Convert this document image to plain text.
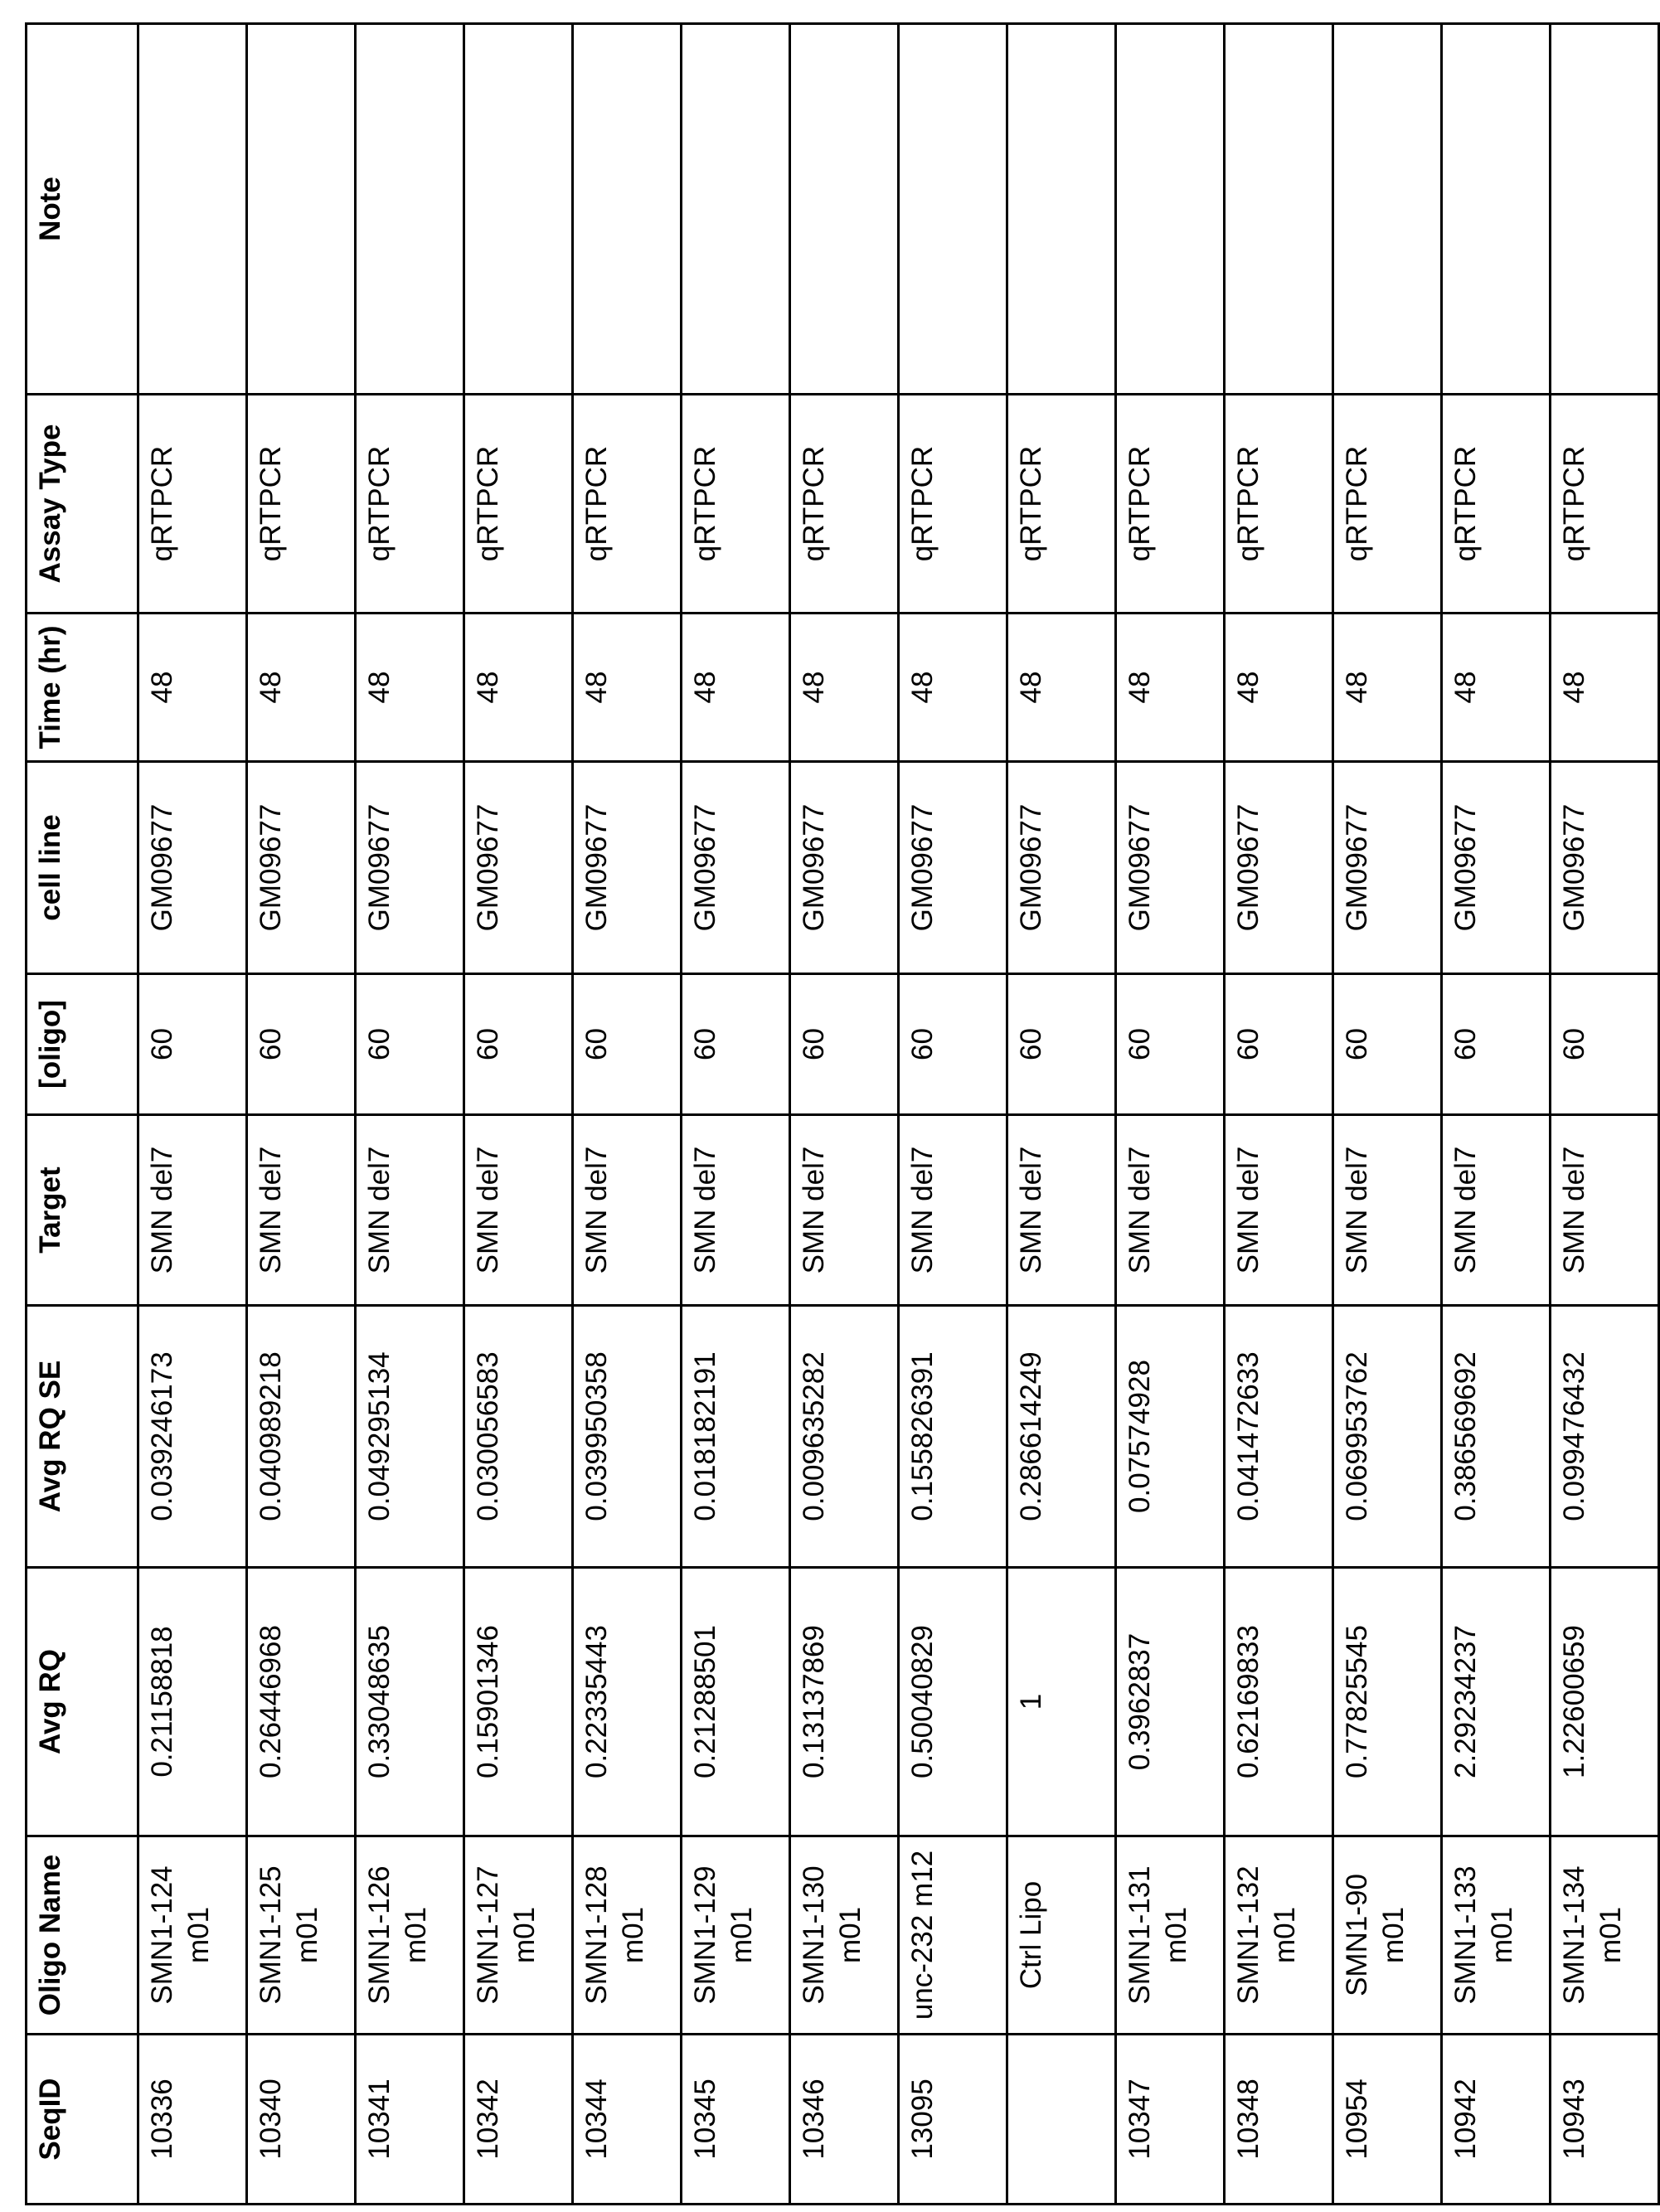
SeqID	Oligo Name	Avg RQ	Avg RQ SE	Target	[oligo]	cell line	Time (hr)	Assay Type	Note
10336	SMN1-124 m01	0.21158818	0.039246173	SMN del7	60	GM09677	48	qRTPCR	
10340	SMN1-125 m01	0.26446968	0.040989218	SMN del7	60	GM09677	48	qRTPCR	
10341	SMN1-126 m01	0.33048635	0.049295134	SMN del7	60	GM09677	48	qRTPCR	
10342	SMN1-127 m01	0.15901346	0.030056583	SMN del7	60	GM09677	48	qRTPCR	
10344	SMN1-128 m01	0.22335443	0.039950358	SMN del7	60	GM09677	48	qRTPCR	
10345	SMN1-129 m01	0.21288501	0.018182191	SMN del7	60	GM09677	48	qRTPCR	
10346	SMN1-130 m01	0.13137869	0.009635282	SMN del7	60	GM09677	48	qRTPCR	
13095	unc-232 m12	0.50040829	0.155826391	SMN del7	60	GM09677	48	qRTPCR	
	Ctrl Lipo	1	0.286614249	SMN del7	60	GM09677	48	qRTPCR	
10347	SMN1-131 m01	0.3962837	0.07574928	SMN del7	60	GM09677	48	qRTPCR	
10348	SMN1-132 m01	0.62169833	0.041472633	SMN del7	60	GM09677	48	qRTPCR	
10954	SMN1-90 m01	0.77825545	0.069953762	SMN del7	60	GM09677	48	qRTPCR	
10942	SMN1-133 m01	2.29234237	0.386569692	SMN del7	60	GM09677	48	qRTPCR	
10943	SMN1-134 m01	1.22600659	0.099476432	SMN del7	60	GM09677	48	qRTPCR	
